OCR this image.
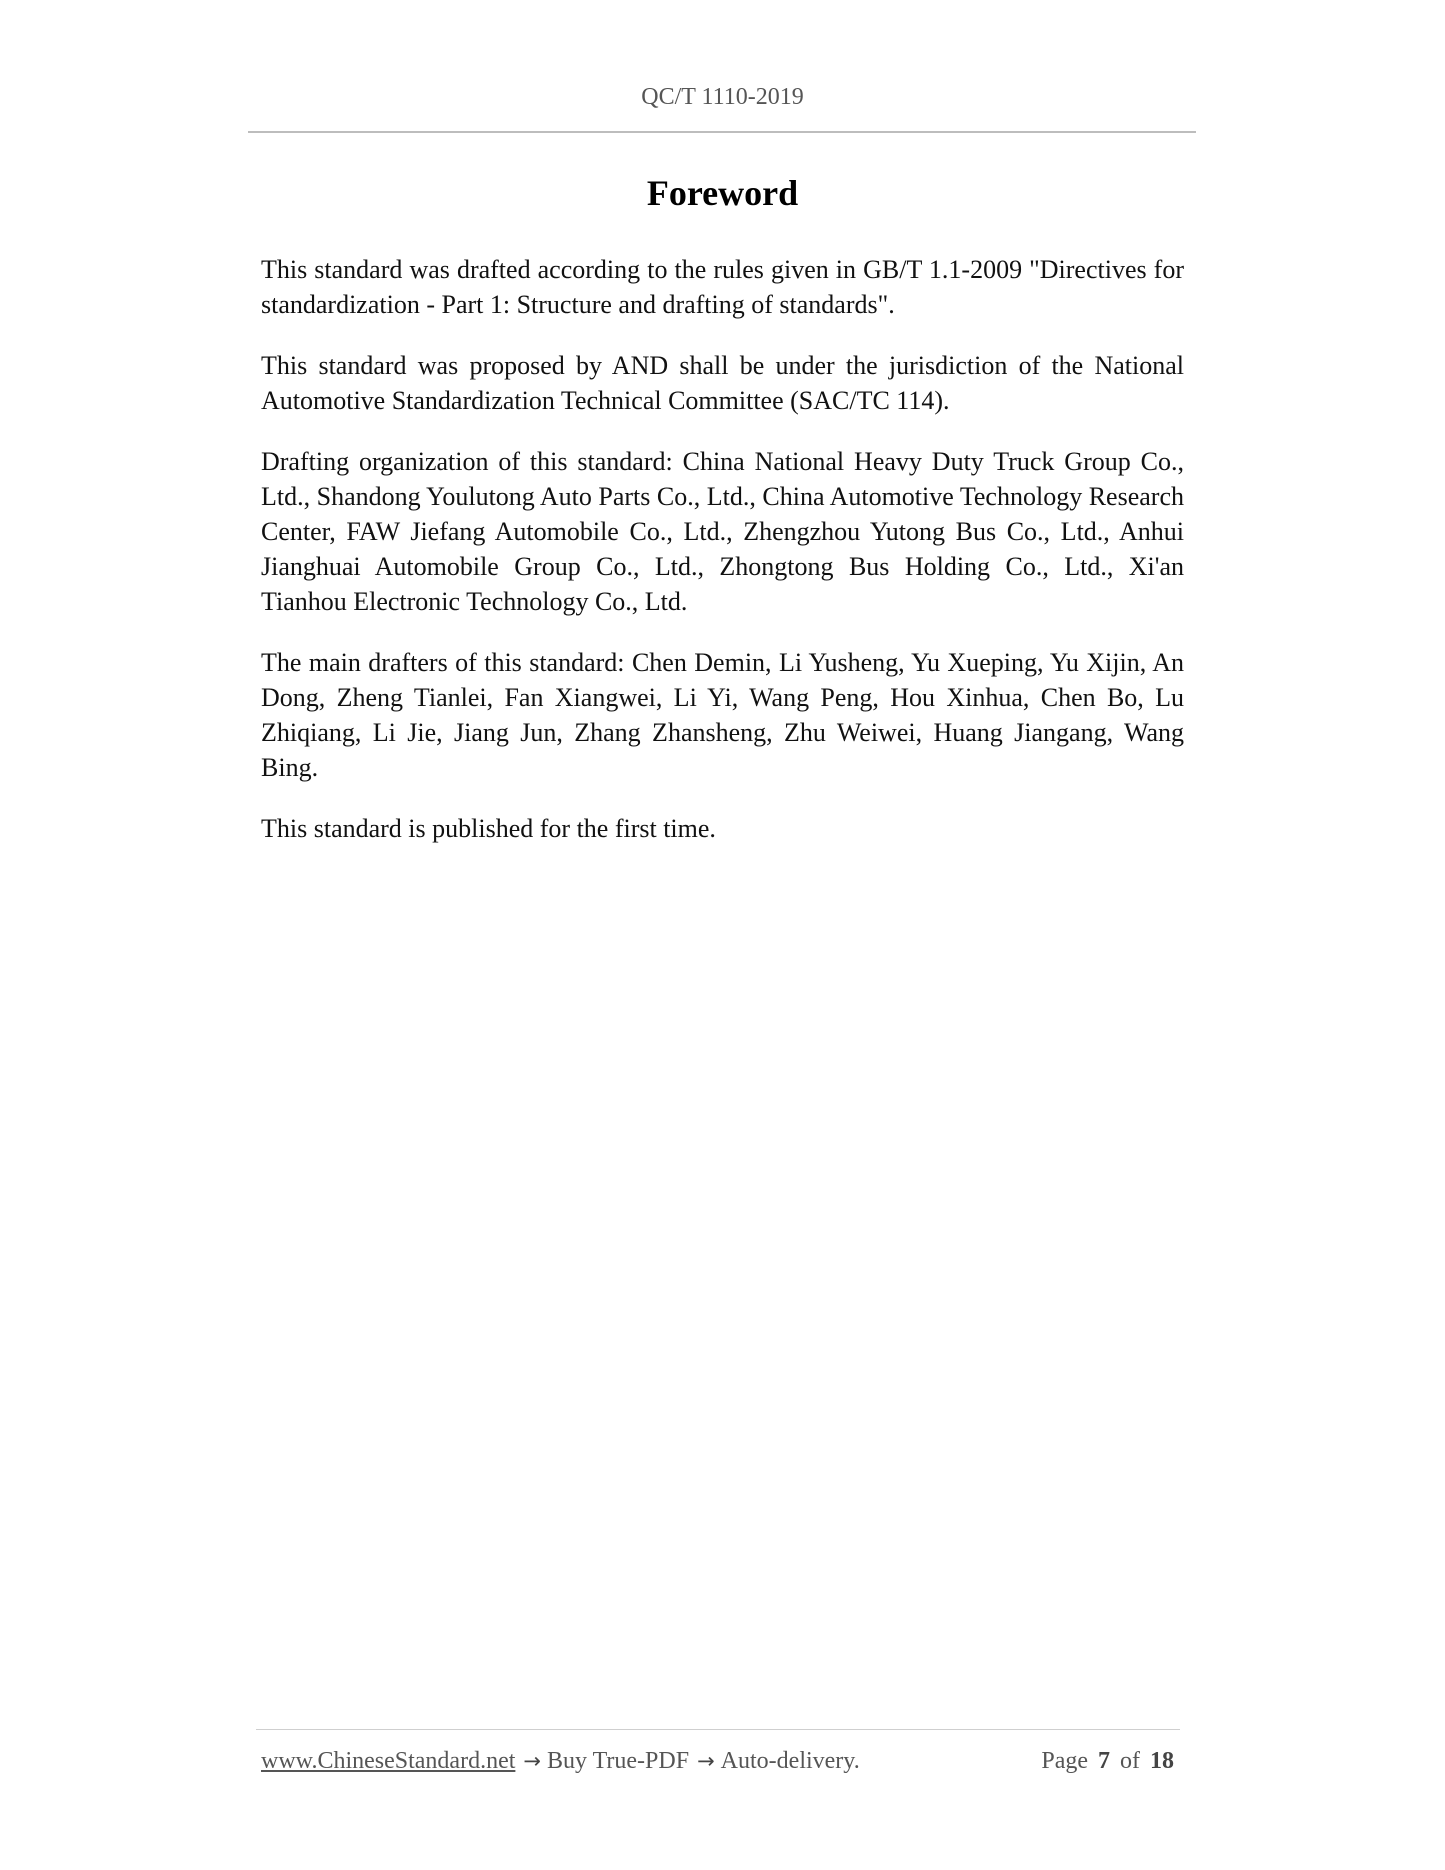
QC/T 1110-2019
Foreword

This standard was drafted according to the rules given in GB/T 1.1-2009 "Directives for standardization - Part 1: Structure and drafting of standards".

This standard was proposed by AND shall be under the jurisdiction of the National Automotive Standardization Technical Committee (SAC/TC 114).

Drafting organization of this standard: China National Heavy Duty Truck Group Co., Ltd., Shandong Youlutong Auto Parts Co., Ltd., China Automotive Technology Research Center, FAW Jiefang Automobile Co., Ltd., Zhengzhou Yutong Bus Co., Ltd., Anhui Jianghuai Automobile Group Co., Ltd., Zhongtong Bus Holding Co., Ltd., Xi'an Tianhou Electronic Technology Co., Ltd.

The main drafters of this standard: Chen Demin, Li Yusheng, Yu Xueping, Yu Xijin, An Dong, Zheng Tianlei, Fan Xiangwei, Li Yi, Wang Peng, Hou Xinhua, Chen Bo, Lu Zhiqiang, Li Jie, Jiang Jun, Zhang Zhansheng, Zhu Weiwei, Huang Jiangang, Wang Bing.

This standard is published for the first time.

www.ChineseStandard.net → Buy True-PDF → Auto-delivery.	Page 7 of 18
